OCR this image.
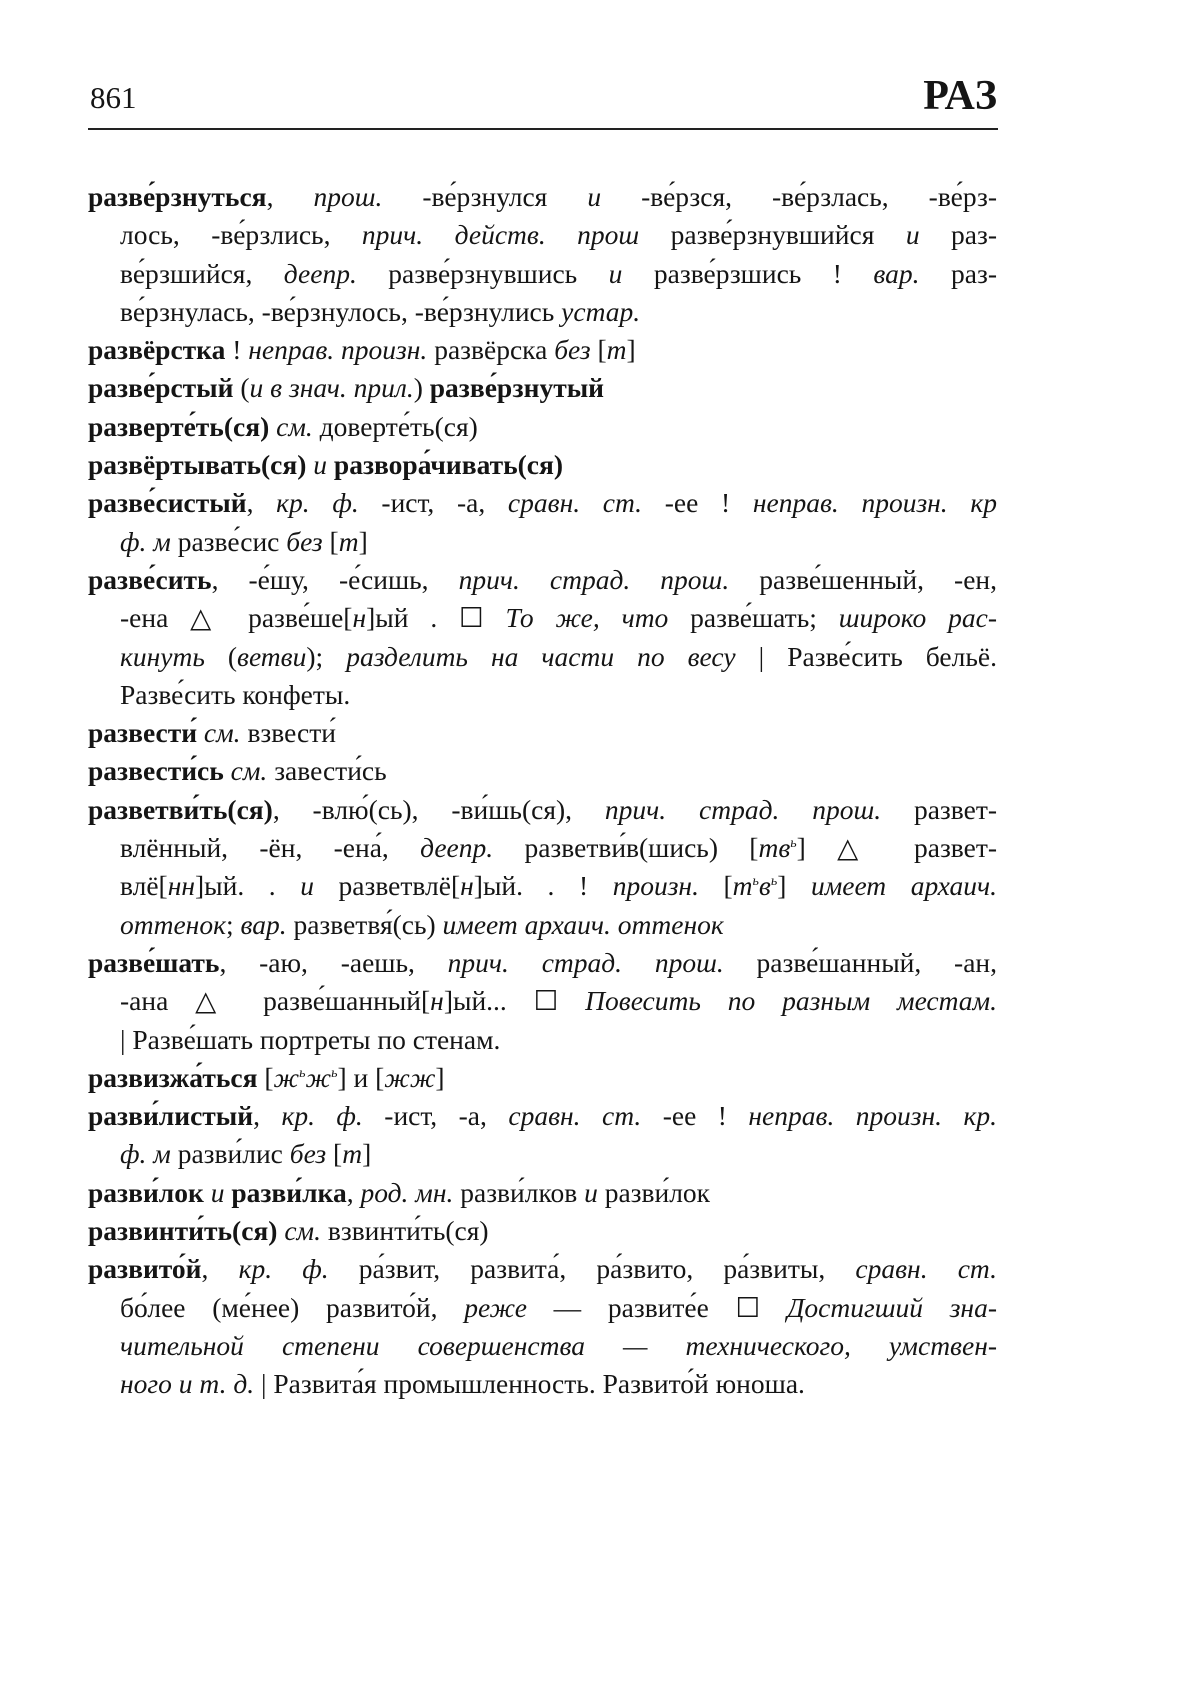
861	РАЗ
разве́рзнуться, прош. -ве́рзнулся и -ве́рзся, -ве́рзлась, -ве́рз-
лось, -ве́рзлись, прич. действ. прош разве́рзнувшийся и раз-
ве́рзшийся, деепр. разве́рзнувшись и разве́рзшись ! вар. раз-
ве́рзнулась, -ве́рзнулось, -ве́рзнулись устар.
развёрстка ! неправ. произн. развёрска без [т]
разве́рстый (и в знач. прил.) разве́рзнутый
разверте́ть(ся) см. доверте́ть(ся)
развёртывать(ся) и развора́чивать(ся)
разве́систый, кр. ф. -ист, -а, сравн. ст. -ее ! неправ. произн. кр
ф. м разве́сис без [т]
разве́сить, -е́шу, -е́сишь, прич. страд. прош. разве́шенный, -ен,
-ена △ разве́ше[н]ый . ☐ То же, что разве́шать; широко рас-
кинуть (ветви); разделить на части по весу | Разве́сить бельё.
Разве́сить конфеты.
развести́ см. взвести́
развести́сь см. завести́сь
разветви́ть(ся), -влю́(сь), -ви́шь(ся), прич. страд. прош. развет-
влённый, -ён, -ена́, деепр. разветви́в(шись) $[тв^ь]$ △ развет-
влё[нн]ый. . и разветвлё[н]ый. . ! произн. $[т^ьв^ь]$ имеет архаич.
оттенок; вар. разветвя́(сь) имеет архаич. оттенок
разве́шать, -аю, -аешь, прич. страд. прош. разве́шанный, -ан,
-ана △ разве́шанный[н]ый... ☐ Повесить по разным местам.
| Разве́шать портреты по стенам.
развизжа́ться $[ж^ьж^ь]$ и [жж]
разви́листый, кр. ф. -ист, -а, сравн. ст. -ее ! неправ. произн. кр.
ф. м разви́лис без [т]
разви́лок и разви́лка, род. мн. разви́лков и разви́лок
развинти́ть(ся) см. взвинти́ть(ся)
развито́й, кр. ф. ра́звит, развита́, ра́звито, ра́звиты, сравн. ст.
бо́лее (ме́нее) развито́й, реже — развите́е ☐ Достигший зна-
чительной степени совершенства — технического, умствен-
ного и т. д. | Развита́я промышленность. Развито́й юноша.
